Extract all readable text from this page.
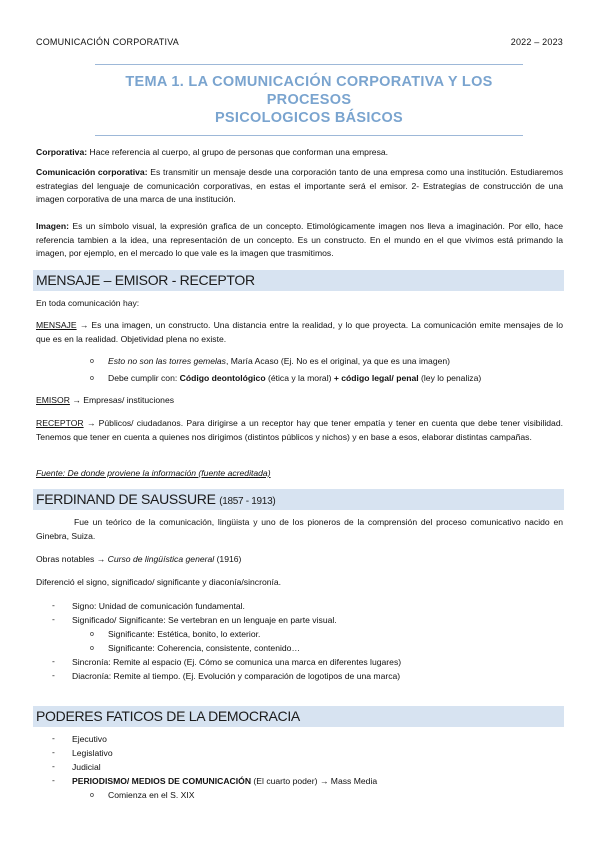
COMUNICACIÓN CORPORATIVA	2022 – 2023
TEMA 1. LA COMUNICACIÓN CORPORATIVA Y LOS PROCESOS
PSICOLOGICOS BÁSICOS
Corporativa: Hace referencia al cuerpo, al grupo de personas que conforman una empresa.
Comunicación corporativa: Es transmitir un mensaje desde una corporación tanto de una empresa como una institución. Estudiaremos estrategias del lenguaje de comunicación corporativas, en estas el importante será el emisor. 2- Estrategias de construcción de una imagen corporativa de una marca de una institución.
Imagen: Es un símbolo visual, la expresión grafica de un concepto. Etimológicamente imagen nos lleva a imaginación. Por ello, hace referencia tambien a la idea, una representación de un concepto. Es un constructo. En el mundo en el que vivimos está primando la imagen, por ejemplo, en el mercado lo que vale es la imagen que trasmitimos.
MENSAJE – EMISOR - RECEPTOR
En toda comunicación hay:
MENSAJE → Es una imagen, un constructo. Una distancia entre la realidad, y lo que proyecta. La comunicación emite mensajes de lo que es en la realidad. Objetividad plena no existe.
o Esto no son las torres gemelas, María Acaso (Ej. No es el original, ya que es una imagen)
o Debe cumplir con: Código deontológico (ética y la moral) + código legal/ penal (ley lo penaliza)
EMISOR → Empresas/ instituciones
RECEPTOR → Públicos/ ciudadanos. Para dirigirse a un receptor hay que tener empatía y tener en cuenta que debe tener visibilidad. Tenemos que tener en cuenta a quienes nos dirigimos (distintos públicos y nichos) y en base a esos, elaborar distintas campañas.
Fuente: De donde proviene la información (fuente acreditada)
FERDINAND DE SAUSSURE (1857 - 1913)
Fue un teórico de la comunicación, lingüista y uno de los pioneros de la comprensión del proceso comunicativo nacido en Ginebra, Suiza.
Obras notables → Curso de lingüística general (1916)
Diferenció el signo, significado/ significante y diaconía/sincronía.
- Signo: Unidad de comunicación fundamental.
- Significado/ Significante: Se vertebran en un lenguaje en parte visual.
o Significante: Estética, bonito, lo exterior.
o Significante: Coherencia, consistente, contenido…
- Sincronía: Remite al espacio (Ej. Cómo se comunica una marca en diferentes lugares)
- Diacronía: Remite al tiempo. (Ej. Evolución y comparación de logotipos de una marca)
PODERES FATICOS DE LA DEMOCRACIA
- Ejecutivo
- Legislativo
- Judicial
- PERIODISMO/ MEDIOS DE COMUNICACIÓN (El cuarto poder) → Mass Media
o Comienza en el S. XIX
